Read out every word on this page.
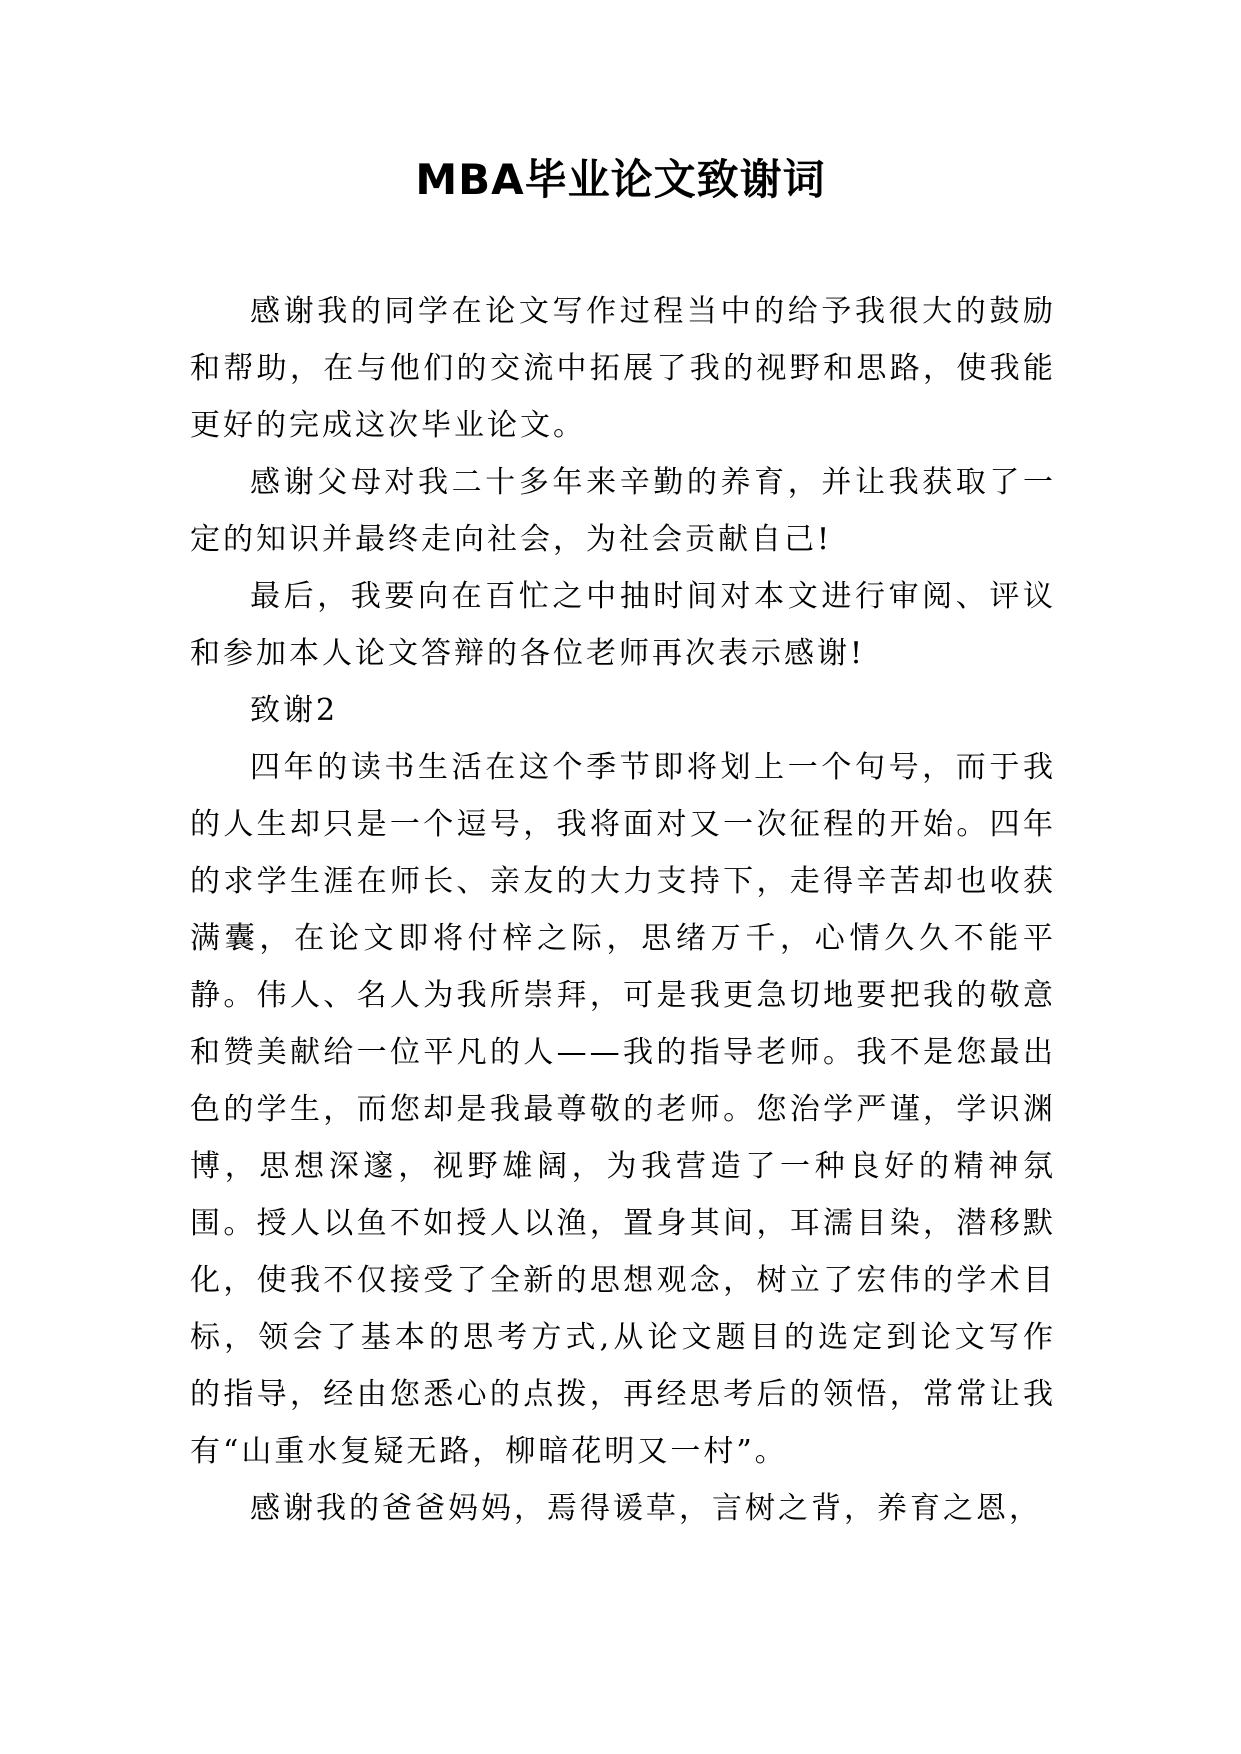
MBA毕业论文致谢词

感谢我的同学在论文写作过程当中的给予我很大的鼓励和帮助，在与他们的交流中拓展了我的视野和思路，使我能更好的完成这次毕业论文。

感谢父母对我二十多年来辛勤的养育，并让我获取了一定的知识并最终走向社会，为社会贡献自己!

最后，我要向在百忙之中抽时间对本文进行审阅、评议和参加本人论文答辩的各位老师再次表示感谢!

致谢2

四年的读书生活在这个季节即将划上一个句号，而于我的人生却只是一个逗号，我将面对又一次征程的开始。四年的求学生涯在师长、亲友的大力支持下，走得辛苦却也收获满囊，在论文即将付梓之际，思绪万千，心情久久不能平静。伟人、名人为我所崇拜，可是我更急切地要把我的敬意和赞美献给一位平凡的人——我的指导老师。我不是您最出色的学生，而您却是我最尊敬的老师。您治学严谨，学识渊博，思想深邃，视野雄阔，为我营造了一种良好的精神氛围。授人以鱼不如授人以渔，置身其间，耳濡目染，潜移默化，使我不仅接受了全新的思想观念，树立了宏伟的学术目标，领会了基本的思考方式,从论文题目的选定到论文写作的指导，经由您悉心的点拨，再经思考后的领悟，常常让我有“山重水复疑无路，柳暗花明又一村”。

感谢我的爸爸妈妈，焉得谖草，言树之背，养育之恩，
